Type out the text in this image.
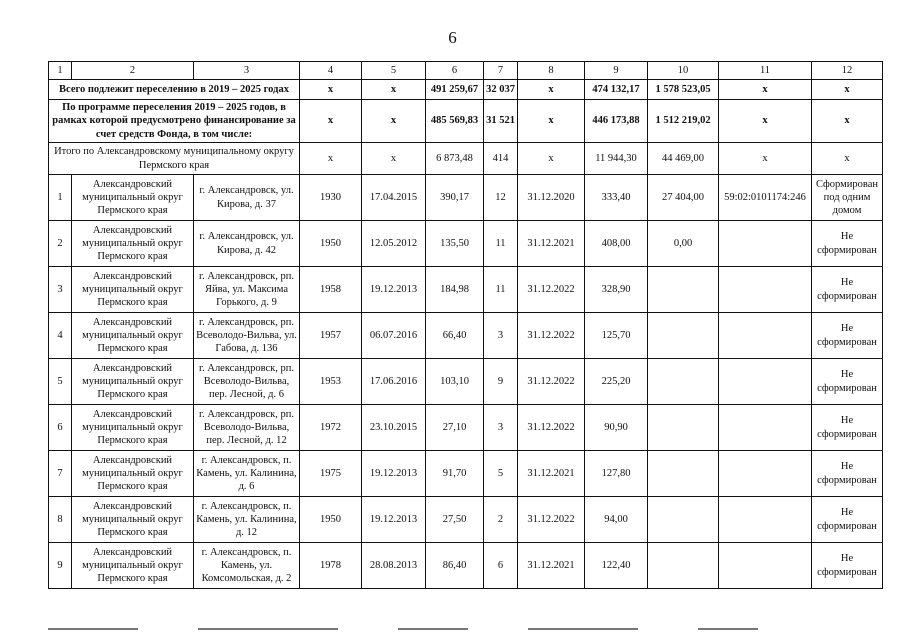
6
1	2	3	4	5	6	7	8	9	10	11	12
Всего подлежит переселению в 2019 – 2025 годах			х	х	491 259,67	32 037	х	474 132,17	1 578 523,05	х	х
По программе переселения 2019 – 2025 годов, в рамках которой предусмотрено финансирование за счет средств Фонда, в том числе:			х	х	485 569,83	31 521	х	446 173,88	1 512 219,02	х	х
Итого по Александровскому муниципальному округу Пермского края			х	х	6 873,48	414	х	11 944,30	44 469,00	х	х
1	Александровский муниципальный округ Пермского края	г. Александровск, ул. Кирова, д. 37	1930	17.04.2015	390,17	12	31.12.2020	333,40	27 404,00	59:02:0101174:246	Сформирован под одним домом
2	Александровский муниципальный округ Пермского края	г. Александровск, ул. Кирова, д. 42	1950	12.05.2012	135,50	11	31.12.2021	408,00	0,00		Не сформирован
3	Александровский муниципальный округ Пермского края	г. Александровск, рп. Яйва, ул. Максима Горького, д. 9	1958	19.12.2013	184,98	11	31.12.2022	328,90			Не сформирован
4	Александровский муниципальный округ Пермского края	г. Александровск, рп. Всеволодо-Вильва, ул. Габова, д. 136	1957	06.07.2016	66,40	3	31.12.2022	125,70			Не сформирован
5	Александровский муниципальный округ Пермского края	г. Александровск, рп. Всеволодо-Вильва, пер. Лесной, д. 6	1953	17.06.2016	103,10	9	31.12.2022	225,20			Не сформирован
6	Александровский муниципальный округ Пермского края	г. Александровск, рп. Всеволодо-Вильва, пер. Лесной, д. 12	1972	23.10.2015	27,10	3	31.12.2022	90,90			Не сформирован
7	Александровский муниципальный округ Пермского края	г. Александровск, п. Камень, ул. Калинина, д. 6	1975	19.12.2013	91,70	5	31.12.2021	127,80			Не сформирован
8	Александровский муниципальный округ Пермского края	г. Александровск, п. Камень, ул. Калинина, д. 12	1950	19.12.2013	27,50	2	31.12.2022	94,00			Не сформирован
9	Александровский муниципальный округ Пермского края	г. Александровск, п. Камень, ул. Комсомольская, д. 2	1978	28.08.2013	86,40	6	31.12.2021	122,40			Не сформирован
